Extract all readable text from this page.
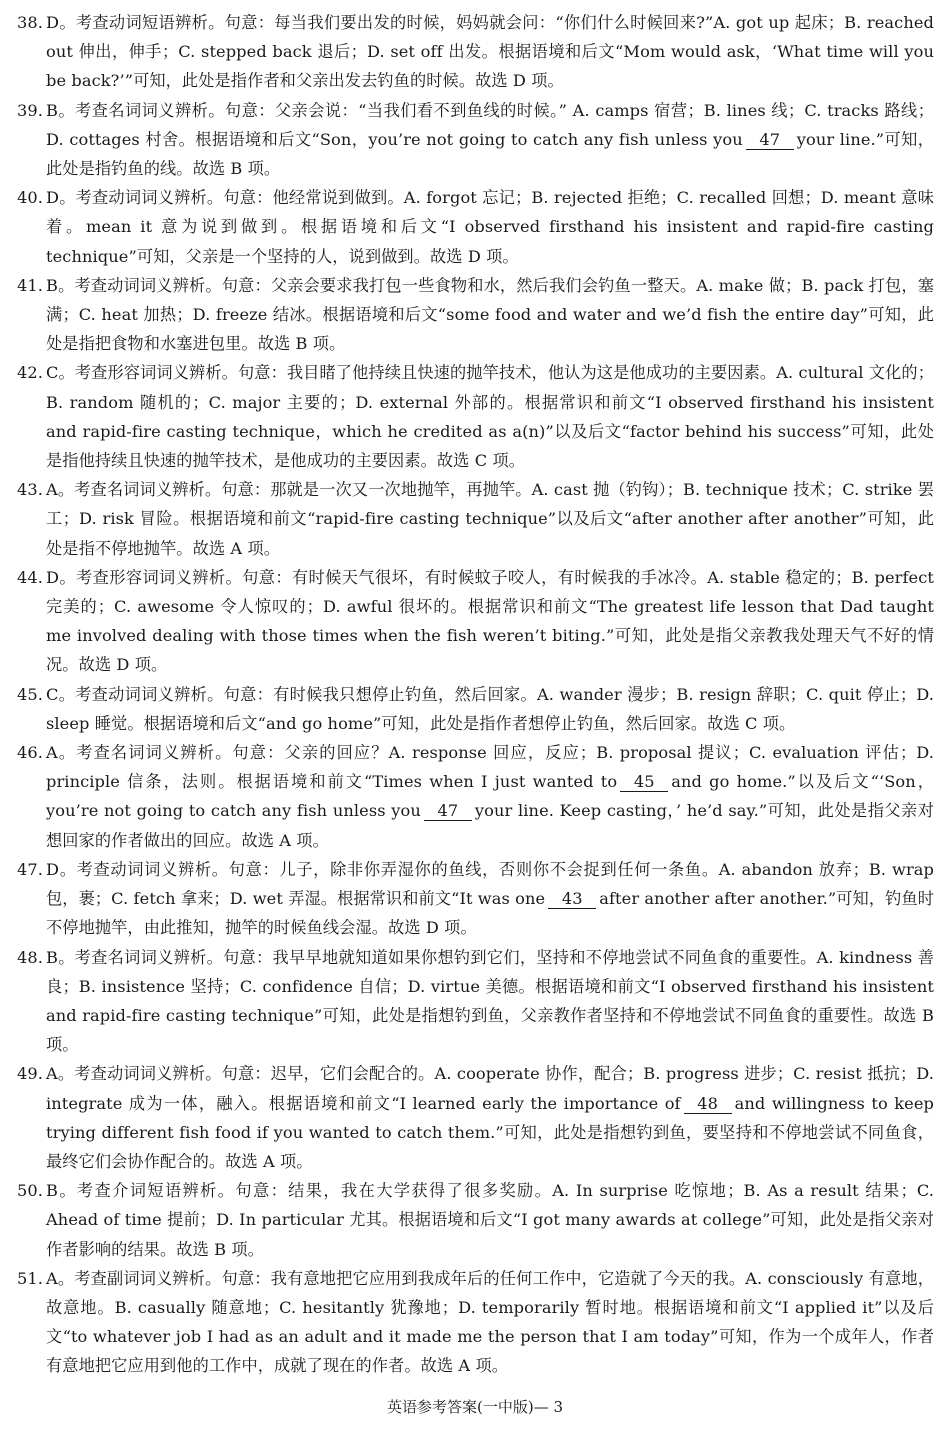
38. D。考查动词短语辨析。句意：每当我们要出发的时候，妈妈就会问：“你们什么时候回来?”A. got up 起床；B. reached out 伸出，伸手；C. stepped back 退后；D. set off 出发。根据语境和后文“Mom would ask，‘What time will you be back?’”可知，此处是指作者和父亲出发去钓鱼的时候。故选 D 项。
39. B。考查名词词义辨析。句意：父亲会说：“当我们看不到鱼线的时候。” A. camps 宿营；B. lines 线；C. tracks 路线；D. cottages 村舍。根据语境和后文“Son，you’re not going to catch any fish unless you 47 your line.”可知，此处是指钓鱼的线。故选 B 项。
40. D。考查动词词义辨析。句意：他经常说到做到。A. forgot 忘记；B. rejected 拒绝；C. recalled 回想；D. meant 意味着。mean it 意为说到做到。根据语境和后文“I observed firsthand his insistent and rapid-fire casting technique”可知，父亲是一个坚持的人，说到做到。故选 D 项。
41. B。考查动词词义辨析。句意：父亲会要求我打包一些食物和水，然后我们会钓鱼一整天。A. make 做；B. pack 打包，塞满；C. heat 加热；D. freeze 结冰。根据语境和后文“some food and water and we’d fish the entire day”可知，此处是指把食物和水塞进包里。故选 B 项。
42. C。考查形容词词义辨析。句意：我目睹了他持续且快速的抛竿技术，他认为这是他成功的主要因素。A. cultural 文化的；B. random 随机的；C. major 主要的；D. external 外部的。根据常识和前文“I observed firsthand his insistent and rapid-fire casting technique，which he credited as a(n)”以及后文“factor behind his success”可知，此处是指他持续且快速的抛竿技术，是他成功的主要因素。故选 C 项。
43. A。考查名词词义辨析。句意：那就是一次又一次地抛竿，再抛竿。A. cast 抛（钓钩）；B. technique 技术；C. strike 罢工；D. risk 冒险。根据语境和前文“rapid-fire casting technique”以及后文“after another after another”可知，此处是指不停地抛竿。故选 A 项。
44. D。考查形容词词义辨析。句意：有时候天气很坏，有时候蚊子咬人，有时候我的手冰冷。A. stable 稳定的；B. perfect 完美的；C. awesome 令人惊叹的；D. awful 很坏的。根据常识和前文“The greatest life lesson that Dad taught me involved dealing with those times when the fish weren’t biting.”可知，此处是指父亲教我处理天气不好的情况。故选 D 项。
45. C。考查动词词义辨析。句意：有时候我只想停止钓鱼，然后回家。A. wander 漫步；B. resign 辞职；C. quit 停止；D. sleep 睡觉。根据语境和后文“and go home”可知，此处是指作者想停止钓鱼，然后回家。故选 C 项。
46. A。考查名词词义辨析。句意：父亲的回应？A. response 回应，反应；B. proposal 提议；C. evaluation 评估；D. principle 信条，法则。根据语境和前文“Times when I just wanted to 45 and go home.”以及后文“‘Son，you’re not going to catch any fish unless you 47 your line. Keep casting，’ he’d say.”可知，此处是指父亲对想回家的作者做出的回应。故选 A 项。
47. D。考查动词词义辨析。句意：儿子，除非你弄湿你的鱼线，否则你不会捉到任何一条鱼。A. abandon 放弃；B. wrap 包，裹；C. fetch 拿来；D. wet 弄湿。根据常识和前文“It was one 43 after another after another.”可知，钓鱼时不停地抛竿，由此推知，抛竿的时候鱼线会湿。故选 D 项。
48. B。考查名词词义辨析。句意：我早早地就知道如果你想钓到它们，坚持和不停地尝试不同鱼食的重要性。A. kindness 善良；B. insistence 坚持；C. confidence 自信；D. virtue 美德。根据语境和前文“I observed firsthand his insistent and rapid-fire casting technique”可知，此处是指想钓到鱼，父亲教作者坚持和不停地尝试不同鱼食的重要性。故选 B 项。
49. A。考查动词词义辨析。句意：迟早，它们会配合的。A. cooperate 协作，配合；B. progress 进步；C. resist 抵抗；D. integrate 成为一体，融入。根据语境和前文“I learned early the importance of 48 and willingness to keep trying different fish food if you wanted to catch them.”可知，此处是指想钓到鱼，要坚持和不停地尝试不同鱼食，最终它们会协作配合的。故选 A 项。
50. B。考查介词短语辨析。句意：结果，我在大学获得了很多奖励。A. In surprise 吃惊地；B. As a result 结果；C. Ahead of time 提前；D. In particular 尤其。根据语境和后文“I got many awards at college”可知，此处是指父亲对作者影响的结果。故选 B 项。
51. A。考查副词词义辨析。句意：我有意地把它应用到我成年后的任何工作中，它造就了今天的我。A. consciously 有意地，故意地。B. casually 随意地；C. hesitantly 犹豫地；D. temporarily 暂时地。根据语境和前文“I applied it”以及后文“to whatever job I had as an adult and it made me the person that I am today”可知，作为一个成年人，作者有意地把它应用到他的工作中，成就了现在的作者。故选 A 项。
英语参考答案(一中版)— 3
